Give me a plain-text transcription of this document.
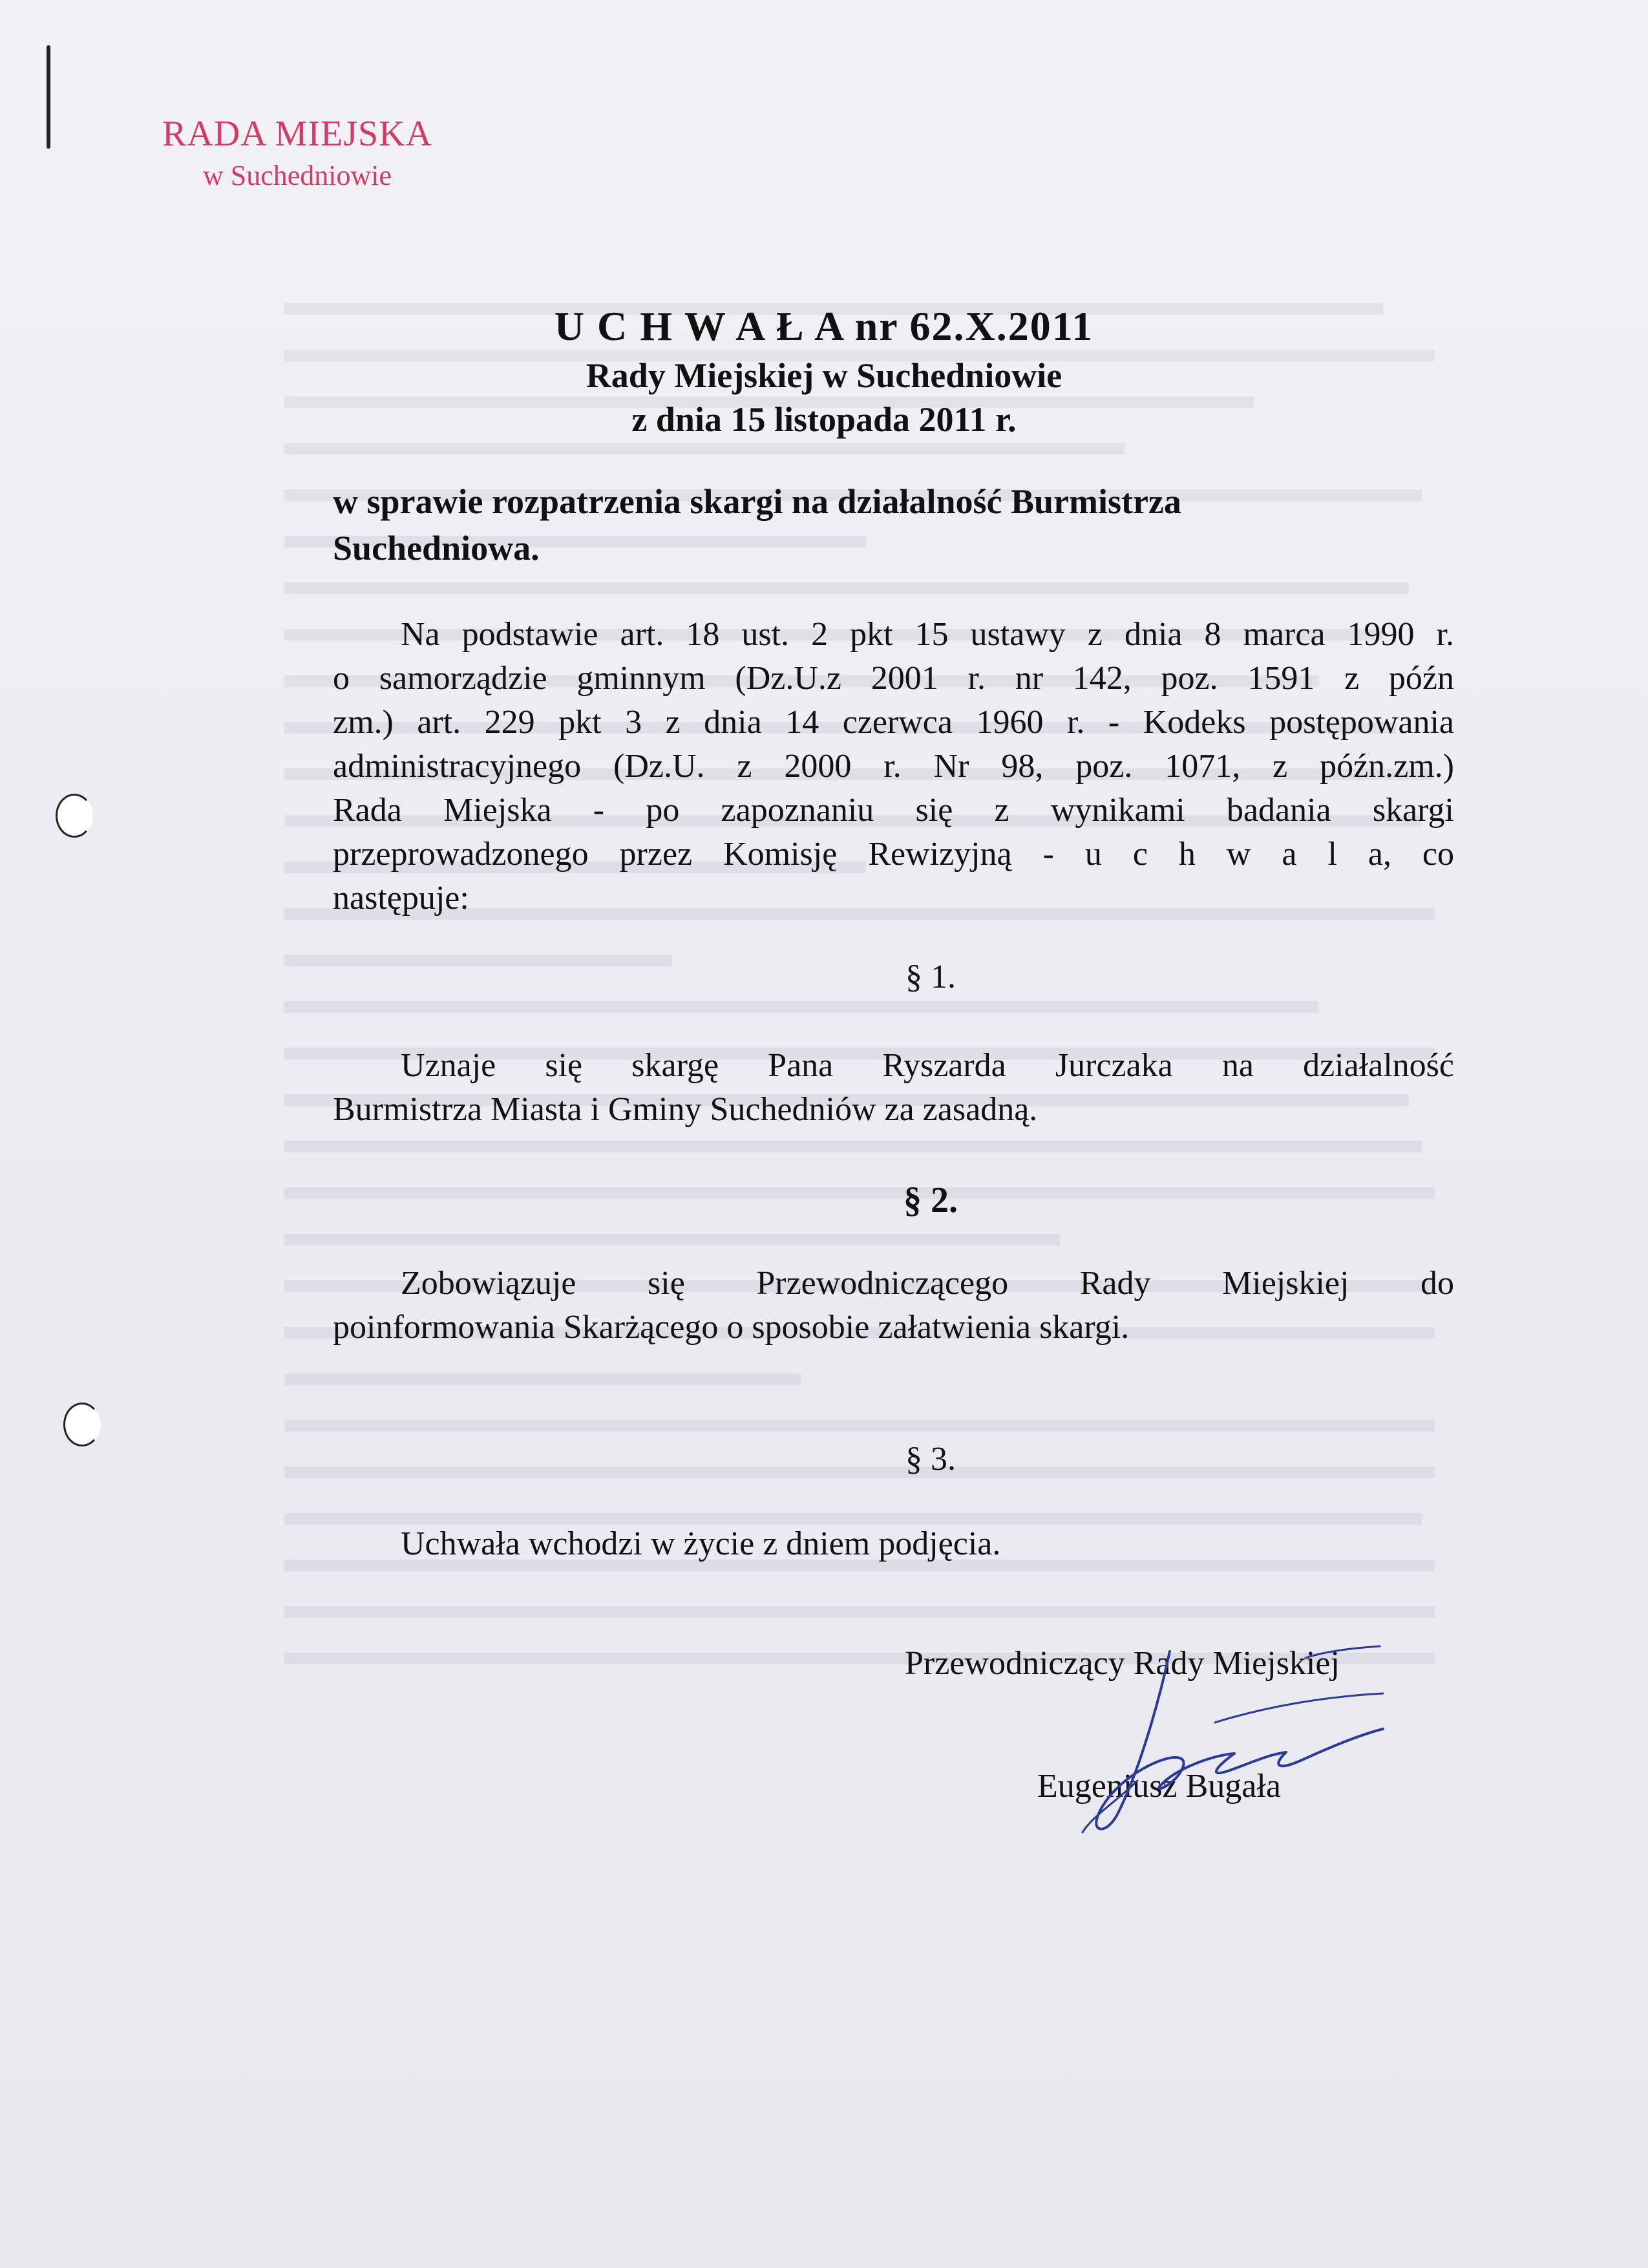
RADA MIEJSKA
w Suchedniowie
U C H W A Ł A nr 62.X.2011
Rady Miejskiej w Suchedniowie
z dnia 15 listopada 2011 r.
w sprawie rozpatrzenia skargi na działalność Burmistrza
Suchedniowa.
Na podstawie art. 18 ust. 2 pkt 15 ustawy z dnia 8 marca 1990 r.
o samorządzie gminnym (Dz.U.z 2001 r. nr 142, poz. 1591 z późn
zm.) art. 229 pkt 3 z dnia 14 czerwca 1960 r. - Kodeks postępowania
administracyjnego (Dz.U. z 2000 r. Nr 98, poz. 1071, z późn.zm.)
Rada Miejska - po zapoznaniu się z wynikami badania skargi
przeprowadzonego przez Komisję Rewizyjną - u c h w a l a, co
następuje:
§ 1.
Uznaje się skargę Pana Ryszarda Jurczaka na działalność
Burmistrza Miasta i Gminy Suchedniów za zasadną.
§ 2.
Zobowiązuje się Przewodniczącego Rady Miejskiej do
poinformowania Skarżącego o sposobie załatwienia skargi.
§ 3.
Uchwała wchodzi w życie z dniem podjęcia.
Przewodniczący Rady Miejskiej
Eugeniusz Bugała
